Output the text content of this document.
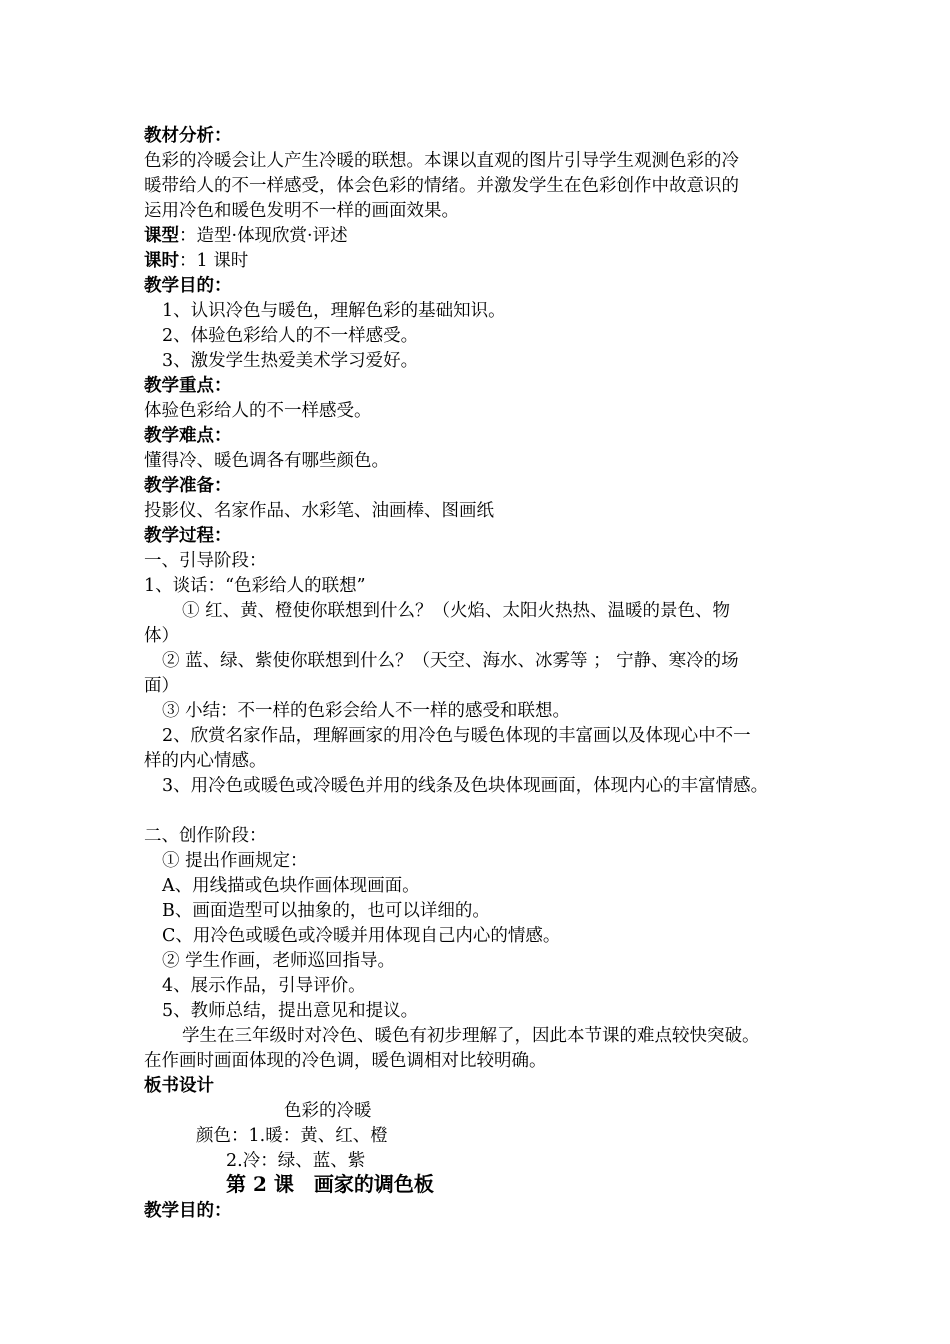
教材分析：
色彩的冷暖会让人产生冷暖的联想。本课以直观的图片引导学生观测色彩的冷
暖带给人的不一样感受，体会色彩的情绪。并激发学生在色彩创作中故意识的
运用冷色和暖色发明不一样的画面效果。
课型：造型·体现欣赏·评述
课时：1 课时
教学目的：
1、认识冷色与暖色，理解色彩的基础知识。
2、体验色彩给人的不一样感受。
3、激发学生热爱美术学习爱好。
教学重点：
体验色彩给人的不一样感受。
教学难点：
懂得冷、暖色调各有哪些颜色。
教学准备：
投影仪、名家作品、水彩笔、油画棒、图画纸
教学过程：
一、引导阶段：
1、谈话：“色彩给人的联想”
① 红、黄、橙使你联想到什么？（火焰、太阳火热热、温暖的景色、物
体）
② 蓝、绿、紫使你联想到什么？（天空、海水、冰雾等 ； 宁静、寒冷的场
面）
③ 小结：不一样的色彩会给人不一样的感受和联想。
2、欣赏名家作品，理解画家的用冷色与暖色体现的丰富画以及体现心中不一
样的内心情感。
3、用冷色或暖色或冷暖色并用的线条及色块体现画面，体现内心的丰富情感。
二、创作阶段：
① 提出作画规定：
A、用线描或色块作画体现画面。
B、画面造型可以抽象的，也可以详细的。
C、用冷色或暖色或冷暖并用体现自己内心的情感。
② 学生作画，老师巡回指导。
4、展示作品，引导评价。
5、教师总结，提出意见和提议。
学生在三年级时对冷色、暖色有初步理解了，因此本节课的难点较快突破。
在作画时画面体现的冷色调，暖色调相对比较明确。
板书设计
色彩的冷暖
颜色：1.暖：黄、红、橙
2.冷：绿、蓝、紫
第 2 课　画家的调色板
教学目的：
